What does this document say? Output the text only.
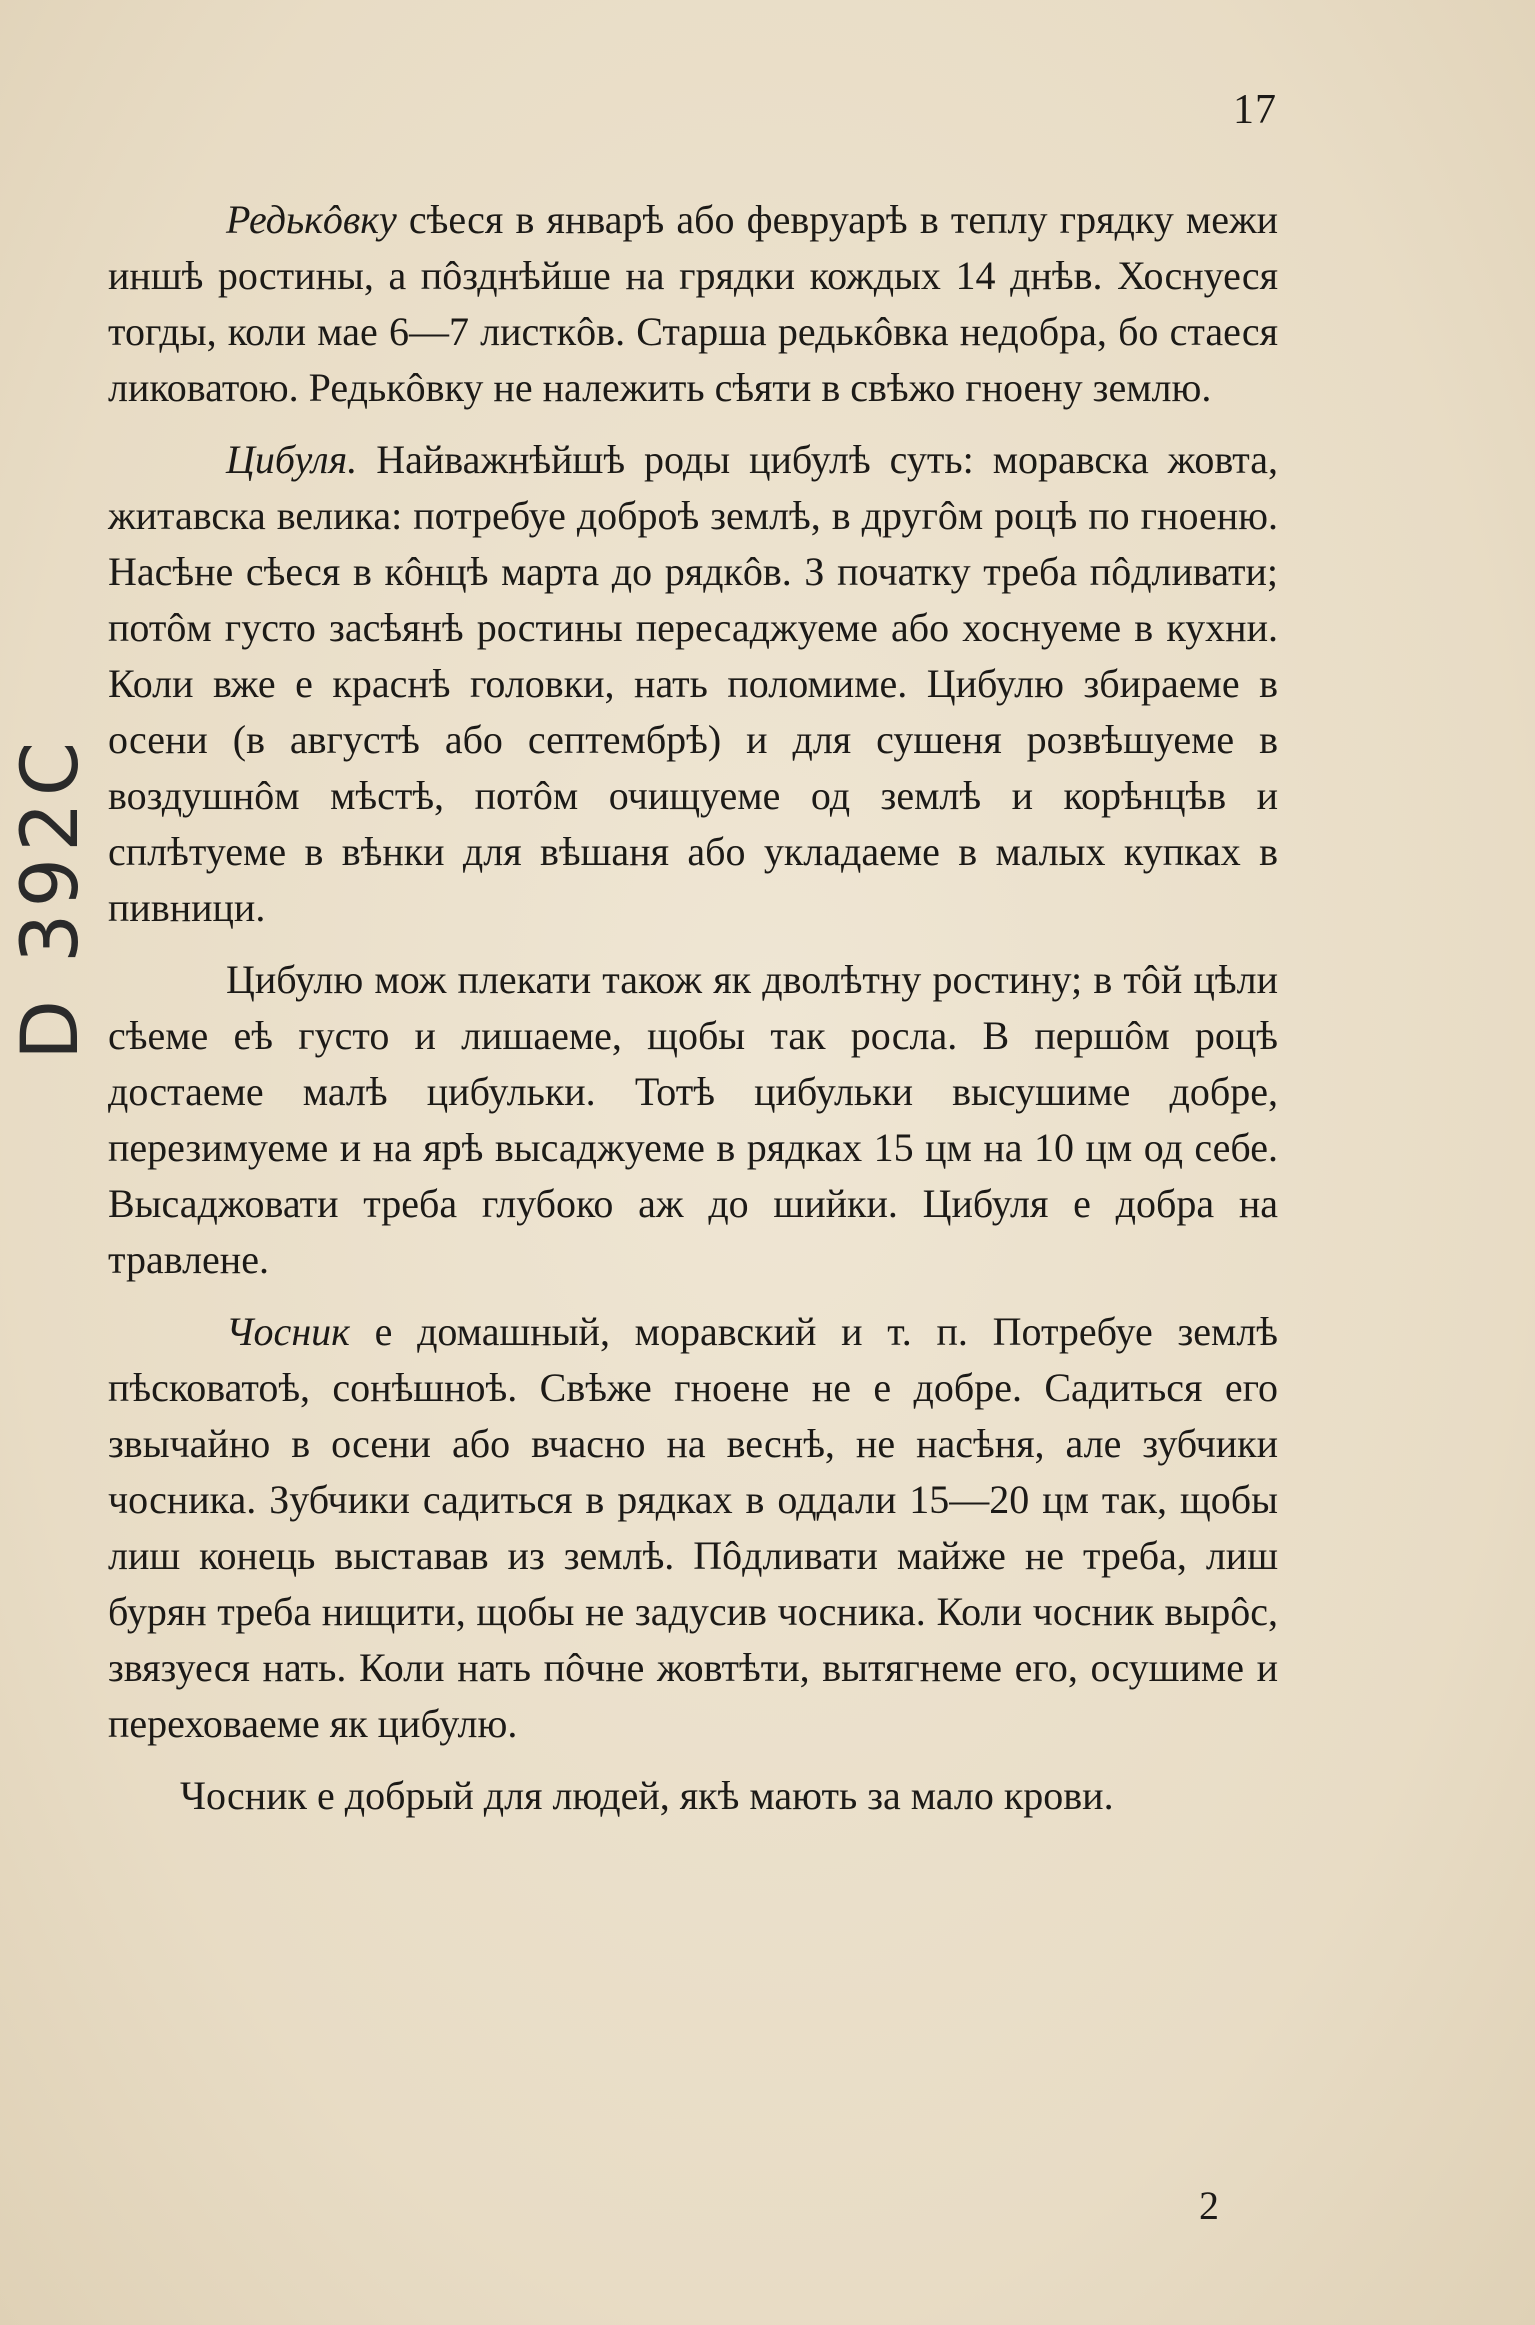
17
D 392C

Редькôвку сѣеся в январѣ або февруарѣ в теплу грядку межи иншѣ ростины, а пôзднѣйше на грядки кождых 14 днѣв. Хоснуеся тогды, коли мае 6—7 листкôв. Старша редькôвка недобра, бо стаеся ликоватою. Редькôвку не належить сѣяти в свѣжо гноену землю.

Цибуля. Найважнѣйшѣ роды цибулѣ суть: моравска жовта, житавска велика: потребуе доброѣ землѣ, в другôм роцѣ по гноеню. Насѣне сѣеся в кôнцѣ марта до рядкôв. З початку треба пôдливати; потôм густо засѣянѣ ростины пересаджуеме або хоснуеме в кухни. Коли вже е краснѣ головки, нать поломиме. Цибулю збираеме в осени (в августѣ або септембрѣ) и для сушеня розвѣшуеме в воздушнôм мѣстѣ, потôм очищуеме од землѣ и корѣнцѣв и сплѣтуеме в вѣнки для вѣшаня або укладаеме в малых купках в пивници.

Цибулю мож плекати також як дволѣтну ростину; в тôй цѣли сѣеме еѣ густо и лишаеме, щобы так росла. В першôм роцѣ достаеме малѣ цибульки. Тотѣ цибульки высушиме добре, перезимуеме и на ярѣ высаджуеме в рядках 15 цм на 10 цм од себе. Высаджовати треба глубоко аж до шийки. Цибуля е добра на травлене.

Чосник е домашный, моравский и т. п. Потребуе землѣ пѣсковатоѣ, сонѣшноѣ. Свѣже гноене не е добре. Садиться его звычайно в осени або вчасно на веснѣ, не насѣня, але зубчики чосника. Зубчики садиться в рядках в оддали 15—20 цм так, щобы лиш конець выставав из землѣ. Пôдливати майже не треба, лиш бурян треба нищити, щобы не задусив чосника. Коли чосник вырôс, звязуеся нать. Коли нать пôчне жовтѣти, вытягнеме его, осушиме и переховаеме як цибулю.

Чосник е добрый для людей, якѣ мають за мало крови.

2
